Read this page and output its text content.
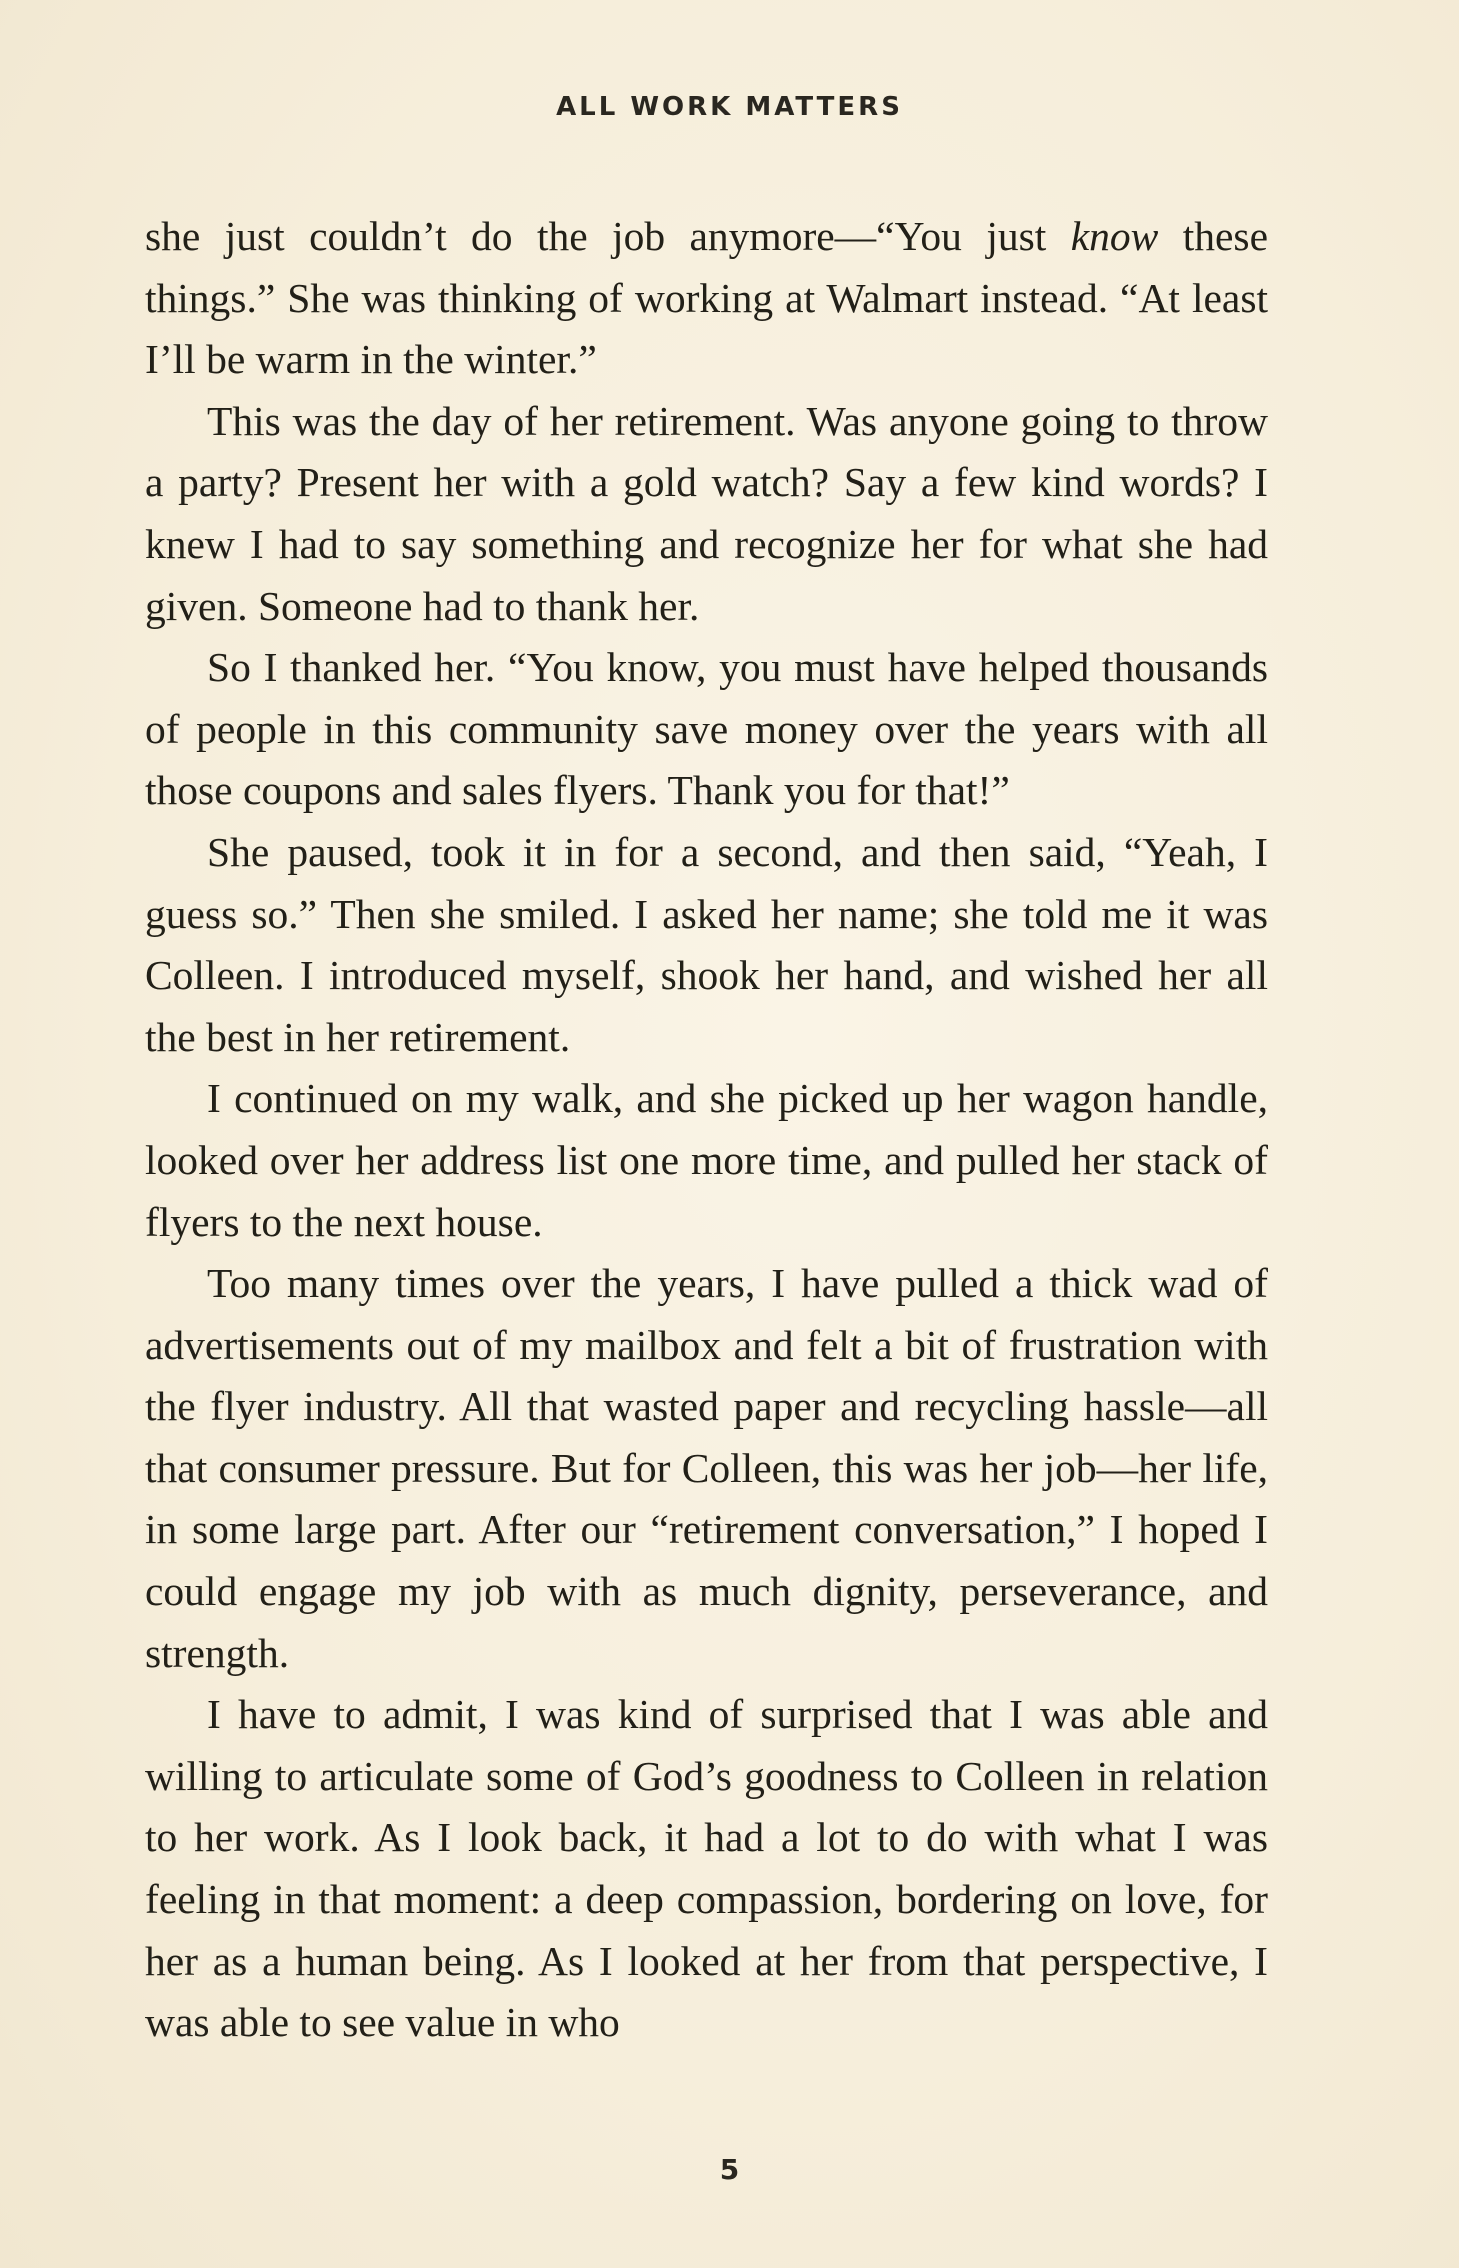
ALL WORK MATTERS

she just couldn’t do the job anymore—“You just know these things.” She was thinking of working at Walmart instead. “At least I’ll be warm in the winter.”

This was the day of her retirement. Was anyone going to throw a party? Present her with a gold watch? Say a few kind words? I knew I had to say something and recognize her for what she had given. Someone had to thank her.

So I thanked her. “You know, you must have helped thousands of people in this community save money over the years with all those coupons and sales flyers. Thank you for that!”

She paused, took it in for a second, and then said, “Yeah, I guess so.” Then she smiled. I asked her name; she told me it was Colleen. I introduced myself, shook her hand, and wished her all the best in her retirement.

I continued on my walk, and she picked up her wagon handle, looked over her address list one more time, and pulled her stack of flyers to the next house.

Too many times over the years, I have pulled a thick wad of advertisements out of my mailbox and felt a bit of frustration with the flyer industry. All that wasted paper and recycling hassle—all that consumer pressure. But for Colleen, this was her job—her life, in some large part. After our “retirement conversation,” I hoped I could engage my job with as much dignity, perseverance, and strength.

I have to admit, I was kind of surprised that I was able and willing to articulate some of God’s goodness to Colleen in relation to her work. As I look back, it had a lot to do with what I was feeling in that moment: a deep compassion, bordering on love, for her as a human being. As I looked at her from that perspective, I was able to see value in who

5
